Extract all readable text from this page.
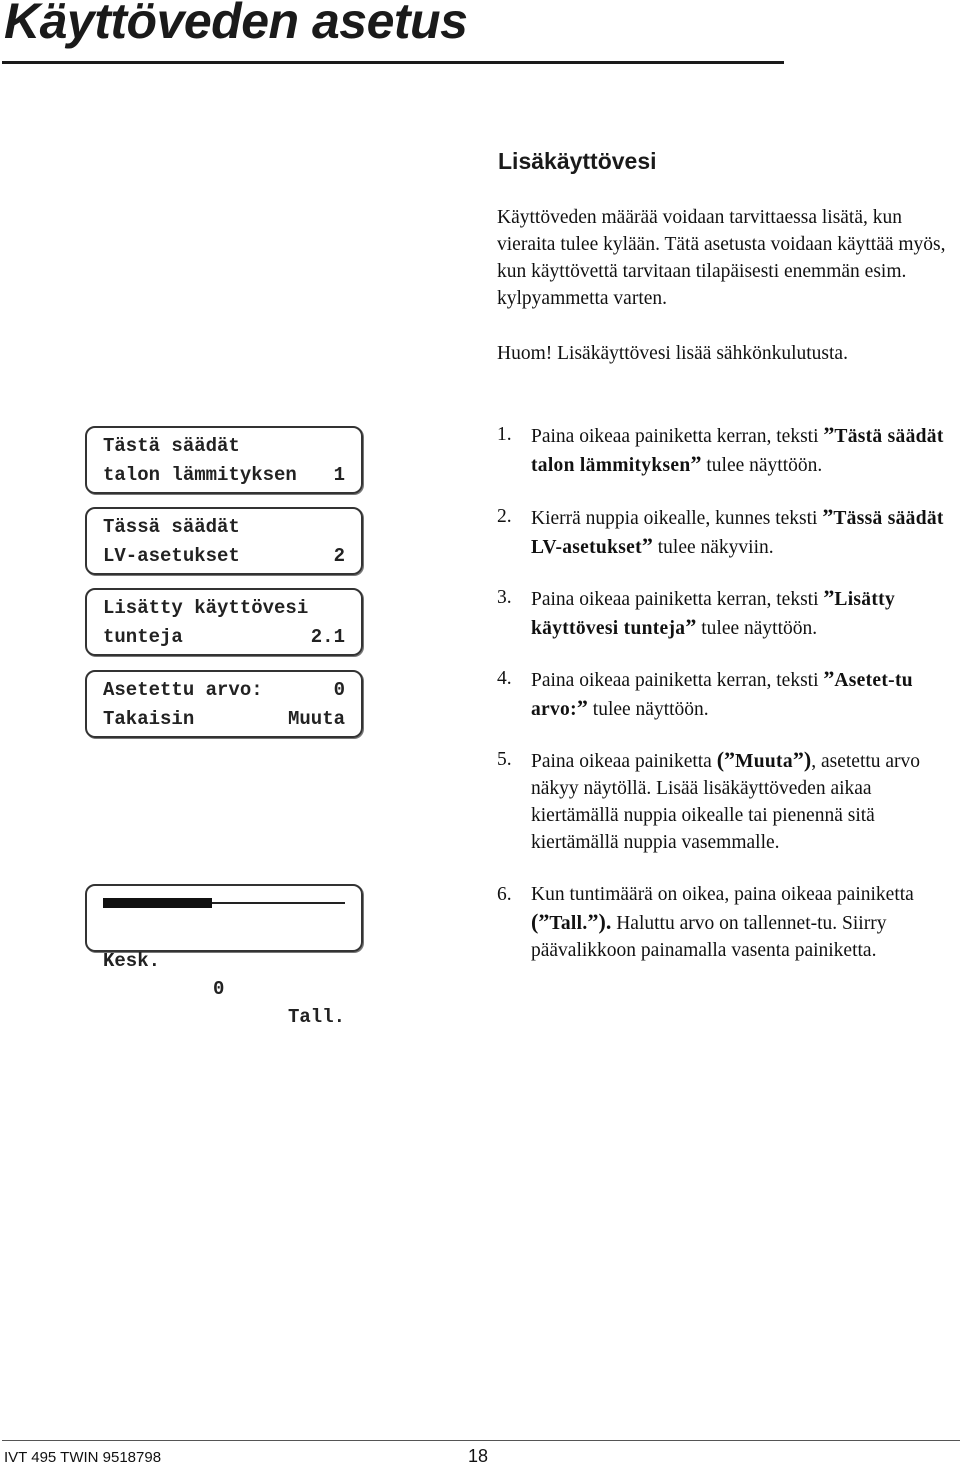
Käyttöveden asetus
Lisäkäyttövesi

Käyttöveden määrää voidaan tarvittaessa lisätä, kun vieraita tulee kylään. Tätä asetusta voidaan käyttää myös, kun käyttövettä tarvitaan tilapäisesti enemmän esim. kylpyammetta varten.

Huom! Lisäkäyttövesi lisää sähkönkulutusta.

Tästä säädät
talon lämmityksen 1
Tässä säädät
LV-asetukset	2
Lisätty käyttövesi
tunteja	2.1
Asetettu arvo:	0
Takaisin	Muuta

Kesk.

0

Tall.

1. Paina oikeaa painiketta kerran, teksti ”Tästä säädät talon lämmityksen” tulee näyttöön.
2. Kierrä nuppia oikealle, kunnes teksti ”Tässä säädät LV-asetukset” tulee näkyviin.
3. Paina oikeaa painiketta kerran, teksti ”Lisätty käyttövesi tunteja” tulee näyttöön.
4. Paina oikeaa painiketta kerran, teksti ”Asetet-tu arvo:” tulee näyttöön.
5. Paina oikeaa painiketta (”Muuta”), asetettu arvo näkyy näytöllä. Lisää lisäkäyttöveden aikaa kiertämällä nuppia oikealle tai pienennä sitä kiertämällä nuppia vasemmalle.
6. Kun tuntimäärä on oikea, paina oikeaa painiketta (”Tall.”). Haluttu arvo on tallennet-tu. Siirry päävalikkoon painamalla vasenta painiketta.
IVT 495 TWIN 9518798	18
